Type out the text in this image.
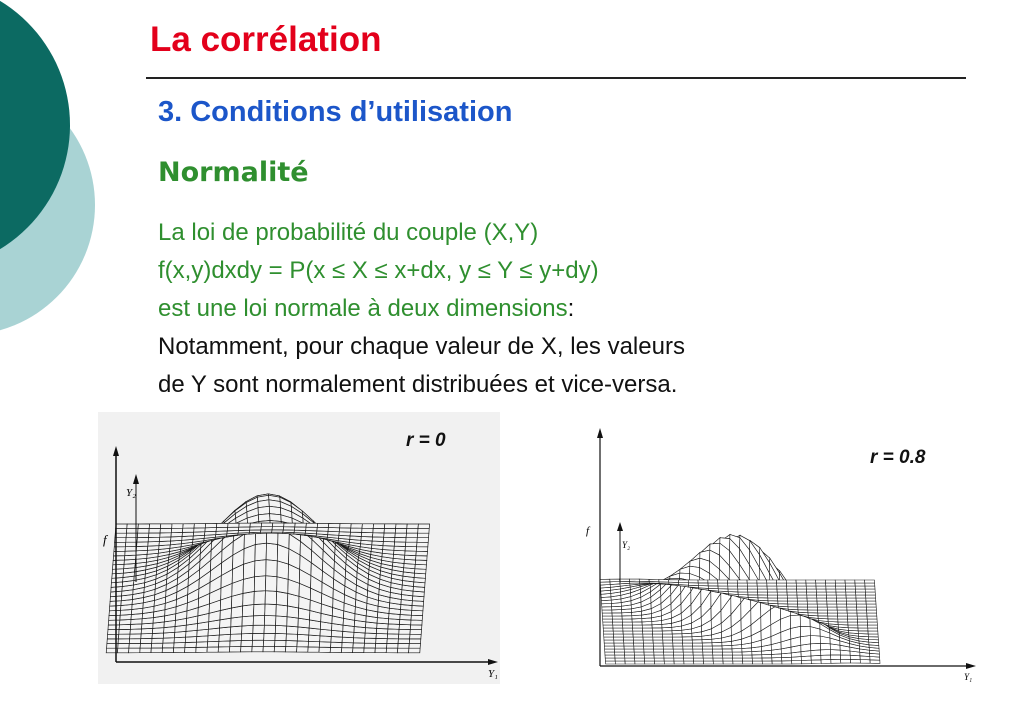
La corrélation
3. Conditions d’utilisation
Normalité
La loi de probabilité du couple (X,Y)
f(x,y)dxdy = P(x ≤ X ≤ x+dx, y ≤ Y ≤ y+dy)
est une loi normale à deux dimensions:
Notamment, pour chaque valeur de X, les valeurs
de Y sont normalement distribuées et vice-versa.
f
Y₂
Y₁
r = 0
f
Y₂
Y₁
r = 0.8
